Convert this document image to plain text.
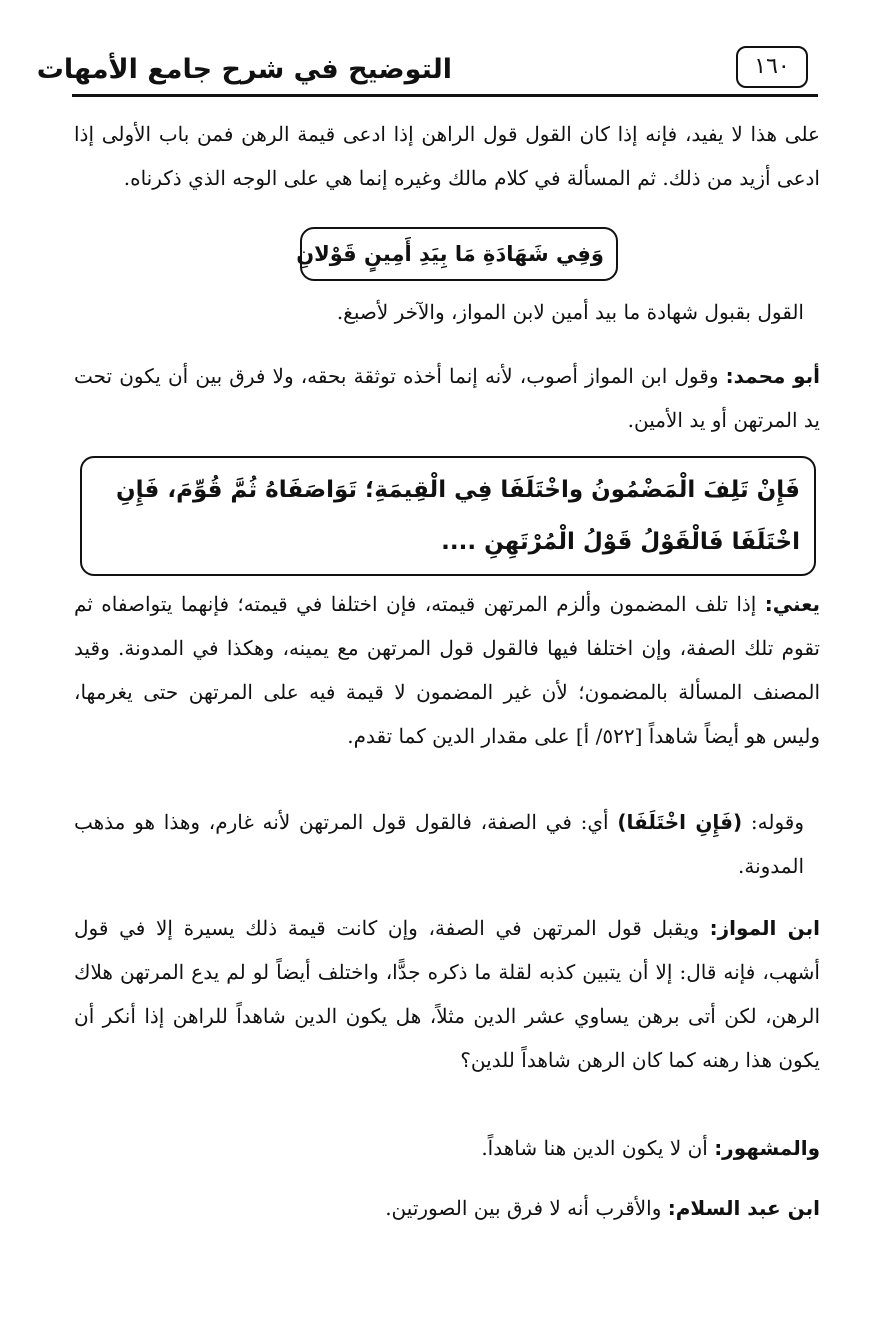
التوضيح في شرح جامع الأمهات	١٦٠
على هذا لا يفيد، فإنه إذا كان القول قول الراهن إذا ادعى قيمة الرهن فمن باب الأولى إذا ادعى أزيد من ذلك. ثم المسألة في كلام مالك وغيره إنما هي على الوجه الذي ذكرناه.
وَفِي شَهَادَةِ مَا بِيَدِ أَمِينٍ قَوْلانِ
القول بقبول شهادة ما بيد أمين لابن المواز، والآخر لأصبغ.
أبو محمد: وقول ابن المواز أصوب، لأنه إنما أخذه توثقة بحقه، ولا فرق بين أن يكون تحت يد المرتهن أو يد الأمين.
فَإِنْ تَلِفَ الْمَضْمُونُ واخْتَلَفَا فِي الْقِيمَةِ؛ تَوَاصَفَاهُ ثُمَّ قُوِّمَ، فَإِنِ اخْتَلَفَا فَالْقَوْلُ قَوْلُ الْمُرْتَهِنِ ....
يعني: إذا تلف المضمون وألزم المرتهن قيمته، فإن اختلفا في قيمته؛ فإنهما يتواصفاه ثم تقوم تلك الصفة، وإن اختلفا فيها فالقول قول المرتهن مع يمينه، وهكذا في المدونة. وقيد المصنف المسألة بالمضمون؛ لأن غير المضمون لا قيمة فيه على المرتهن حتى يغرمها، وليس هو أيضاً شاهداً [٥٢٢/ أ] على مقدار الدين كما تقدم.
وقوله: (فَإِنِ اخْتَلَفَا) أي: في الصفة، فالقول قول المرتهن لأنه غارم، وهذا هو مذهب المدونة.
ابن المواز: ويقبل قول المرتهن في الصفة، وإن كانت قيمة ذلك يسيرة إلا في قول أشهب، فإنه قال: إلا أن يتبين كذبه لقلة ما ذكره جدًّا، واختلف أيضاً لو لم يدع المرتهن هلاك الرهن، لكن أتى برهن يساوي عشر الدين مثلاً، هل يكون الدين شاهداً للراهن إذا أنكر أن يكون هذا رهنه كما كان الرهن شاهداً للدين؟
والمشهور: أن لا يكون الدين هنا شاهداً.
ابن عبد السلام: والأقرب أنه لا فرق بين الصورتين.
